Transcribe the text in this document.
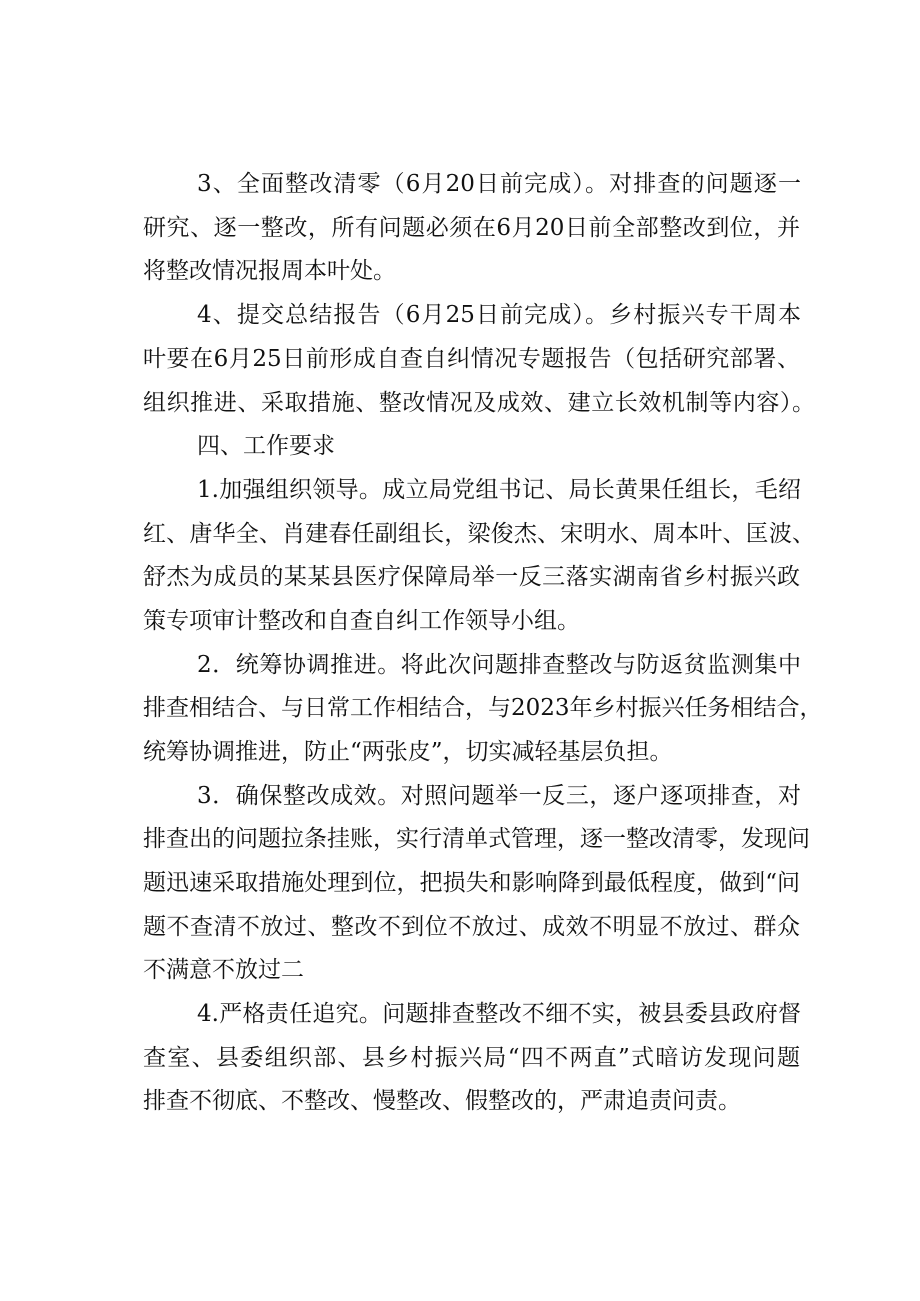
3、全面整改清零（6月20日前完成）。对排查的问题逐一
研究、逐一整改，所有问题必须在6月20日前全部整改到位，并
将整改情况报周本叶处。
4、提交总结报告（6月25日前完成）。乡村振兴专干周本
叶要在6月25日前形成自查自纠情况专题报告（包括研究部署、
组织推进、采取措施、整改情况及成效、建立长效机制等内容）。
四、工作要求
1.加强组织领导。成立局党组书记、局长黄果任组长，毛绍
红、唐华全、肖建春任副组长，梁俊杰、宋明水、周本叶、匡波、
舒杰为成员的某某县医疗保障局举一反三落实湖南省乡村振兴政
策专项审计整改和自查自纠工作领导小组。
2．统筹协调推进。将此次问题排查整改与防返贫监测集中
排查相结合、与日常工作相结合，与2023年乡村振兴任务相结合，
统筹协调推进，防止“两张皮”，切实减轻基层负担。
3．确保整改成效。对照问题举一反三，逐户逐项排查，对
排查出的问题拉条挂账，实行清单式管理，逐一整改清零，发现问
题迅速采取措施处理到位，把损失和影响降到最低程度，做到“问
题不查清不放过、整改不到位不放过、成效不明显不放过、群众
不满意不放过二
4.严格责任追究。问题排查整改不细不实，被县委县政府督
查室、县委组织部、县乡村振兴局“四不两直”式暗访发现问题
排查不彻底、不整改、慢整改、假整改的，严肃追责问责。
